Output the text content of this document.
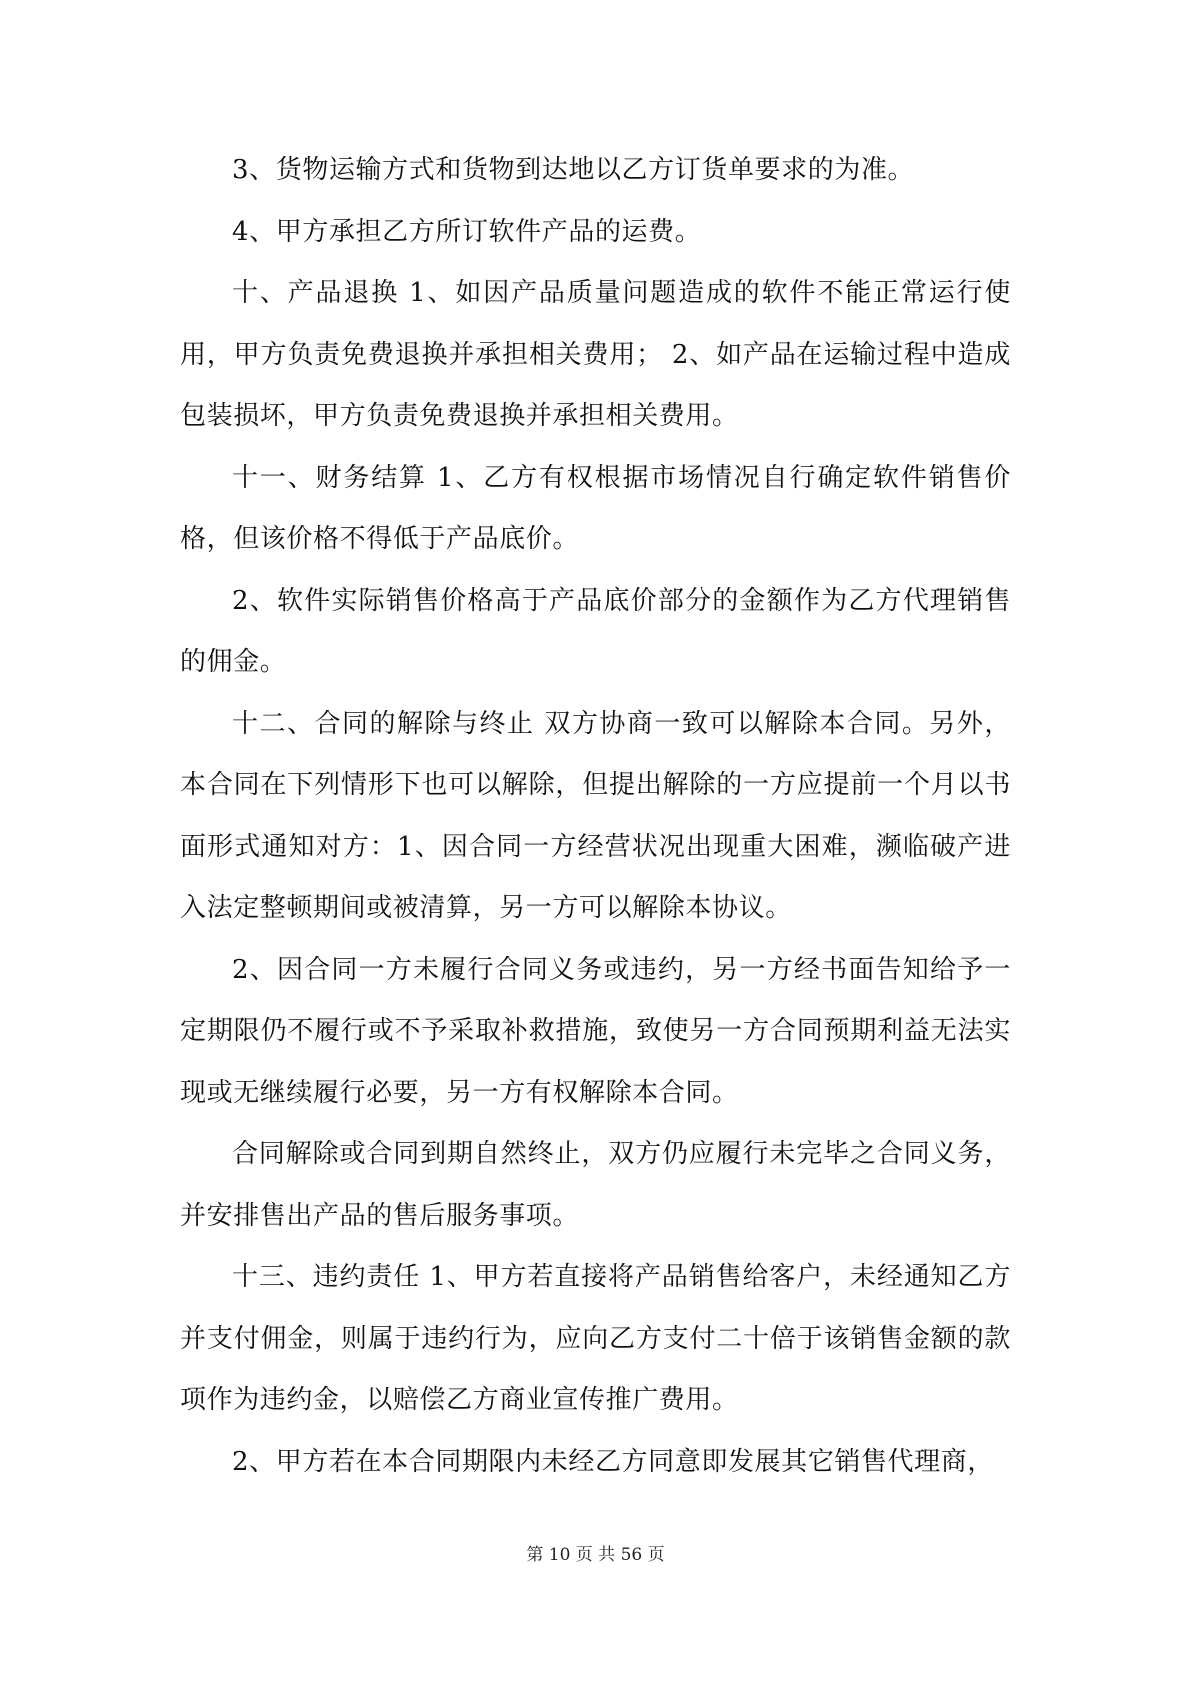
3、货物运输方式和货物到达地以乙方订货单要求的为准。

4、甲方承担乙方所订软件产品的运费。

十、产品退换 1、如因产品质量问题造成的软件不能正常运行使用，甲方负责免费退换并承担相关费用； 2、如产品在运输过程中造成包装损坏，甲方负责免费退换并承担相关费用。

十一、财务结算 1、乙方有权根据市场情况自行确定软件销售价格，但该价格不得低于产品底价。

2、软件实际销售价格高于产品底价部分的金额作为乙方代理销售的佣金。

十二、合同的解除与终止 双方协商一致可以解除本合同。另外，本合同在下列情形下也可以解除，但提出解除的一方应提前一个月以书面形式通知对方：1、因合同一方经营状况出现重大困难，濒临破产进入法定整顿期间或被清算，另一方可以解除本协议。

2、因合同一方未履行合同义务或违约，另一方经书面告知给予一定期限仍不履行或不予采取补救措施，致使另一方合同预期利益无法实现或无继续履行必要，另一方有权解除本合同。

合同解除或合同到期自然终止，双方仍应履行未完毕之合同义务，并安排售出产品的售后服务事项。

十三、违约责任 1、甲方若直接将产品销售给客户，未经通知乙方并支付佣金，则属于违约行为，应向乙方支付二十倍于该销售金额的款项作为违约金，以赔偿乙方商业宣传推广费用。

2、甲方若在本合同期限内未经乙方同意即发展其它销售代理商，

第 10 页 共 56 页
